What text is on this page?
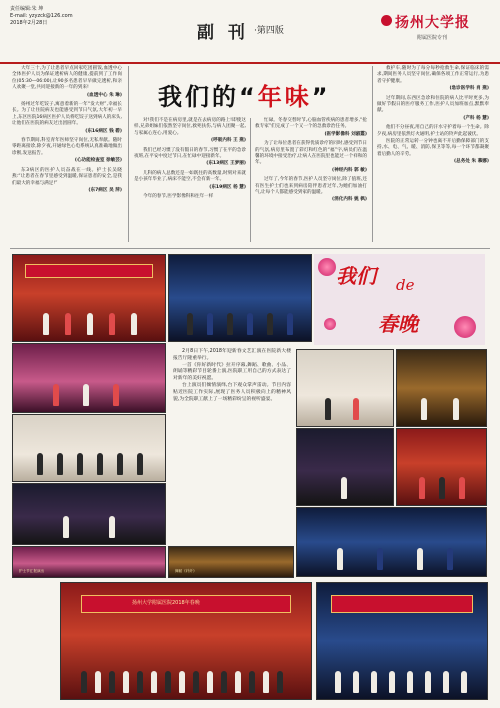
责任编辑:朱 坤
E-mail: yzyzck@126.com
2018年2月28日	副 刊 ·第四版	扬州大学报
附属医院专刊
我们的“年味”

大年三十,为了让患者早点回家吃团圆饭,血透中心全体医护人员为保证透析病人的健康,提前到了工作岗位(05:30—06:00),让90多名患者早早做完透析,和亲人欢聚一堂,共同迎接新的一年的到来!

(血透中心 朱 琳)

扬州过年吃饺子,寓意着新的一年“发大财”,幸福长长。为了让住院病友也能感受到节日气氛,大年初一早上,东区医院16病区医护人员将吃饺子送到病人的床头,让他们在医院的病友过出团圆年。

(东16病区 钱 碧)

春节期间,科室青年医师坚守岗位,无私奉献。随时零距离接诊,除夕夜,开通绿色心电系统认真准确地做出诊断,发送报告。

(心功能检查室 徐敏芸)

东3病区的医护人员奋战在一线。护士长吴晓燕:“让患者在春节里感受到温暖,保证患者的安全,是我们最大的幸福与满足!”

(东7病区 吴 萍)

对!我们不是在病房里,就是在去病房的路上!即使这样,兄弟姐妹们依然坚守岗位,救死扶伤,与病人团聚一起,与家属心连心,用爱心。

(呼吸内科 王 燕)

我们已经习惯了没有假日的春节,习惯了在平的急诊夜班,在平安中度过节日,在忙碌中迎接新年。

(东13病区 王梦丽)

儿科的病人总数还是一如既往的高数量,时刻对来就是小孩年毕业了,病床不能空,不会有新一年。

(东19病区 杨 慧)

今年的春节,医学影像科和往年一样

忙碌。冬春交替时节,心脑血管疾病的患者增多,“抢救专家”们完成了一个又一个的急救诊治任务。

(医学影像科 刘淑霞)

为了让每位患者在获得优质诊疗的同时,感受到节日的气氛,病房里布置了彩灯和红色的“福”字,病员们在温馨的环境中接受治疗,让病人在医院里也能过一个祥和的年。

(神经内科 郭 敏)

过年了,今年的春节,医护人员坚守岗位,除了值班,还有医生护士们也来到病房陪伴患者过年,为她们加油打气,让每个人都能感受到家的温暖。

(消化内科 姚 枫)

救护车,随时为了每分每秒抢救生命,保证临床的需求,期间医务人员坚守岗位,确保各项工作正常运行,为患者守护健康。

(急诊医学科 肖 燕)

过年期间,东西区急诊和住院的病人比平时更多,为做好节假日的医疗服务工作,医护人员加班加点,默默奉献。

(产科 杨 慧)

他们不分昼夜,用自己的汗水守护着每一个生命。除夕夜,病房里依然灯火通明,护士站的铃声此起彼伏。

医院的正常运转一分钟也离不开后勤保障部门的支持,水、电、气、暖、消防,保卫等等,每一个环节都凝聚着后勤人的辛劳。

(总务处 朱 慕娜)

我们 de
春晚

2月8日下午,2018年迎新春文艺汇演在医院新大楼报告厅隆重举行。

一首《你好新时代》拉开序幕,舞蹈、歌曲、小品、朗诵等精彩节目轮番上演,医院职工用自己的方式表达了对新年的美好祝愿。

台上演员们倾情演绎,台下观众掌声雷动。节目内容贴近医院工作实际,展现了医务人员积极向上的精神风貌,为全院职工献上了一场精彩纷呈的视听盛宴。

护士节汇报演出	舞蹈《纤纤》
扬州大学附属医院2018年春晚
